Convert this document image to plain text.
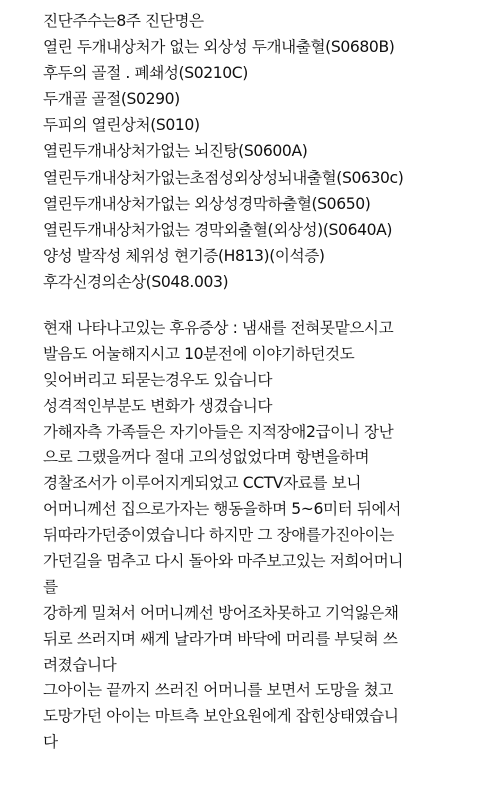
진단주수는8주 진단명은
열린 두개내상처가 없는 외상성 두개내출혈(S0680B)
후두의 골절 . 폐쇄성(S0210C)
두개골 골절(S0290)
두피의 열린상처(S010)
열린두개내상처가없는 뇌진탕(S0600A)
열린두개내상처가없는초점성외상성뇌내출혈(S0630c)
열린두개내상처가없는 외상성경막하출혈(S0650)
열린두개내상처가없는 경막외출혈(외상성)(S0640A)
양성 발작성 체위성 현기증(H813)(이석증)
후각신경의손상(S048.003)
현재 나타나고있는 후유증상 : 냄새를 전혀못맡으시고
발음도 어눌해지시고 10분전에 이야기하던것도
잊어버리고 되묻는경우도 있습니다
성격적인부분도 변화가 생겼습니다
가해자측 가족들은 자기아들은 지적장애2급이니 장난
으로 그랬을꺼다 절대 고의성없었다며 항변을하며
경찰조서가 이루어지게되었고 CCTV자료를 보니
어머니께선 집으로가자는 행동을하며 5~6미터 뒤에서
뒤따라가던중이였습니다 하지만 그 장애를가진아이는
가던길을 멈추고 다시 돌아와 마주보고있는 저희어머니
를
강하게 밀쳐서 어머니께선 방어조차못하고 기억잃은채
뒤로 쓰러지며 쌔게 날라가며 바닥에 머리를 부딪혀 쓰
려졌습니다
그아이는 끝까지 쓰러진 어머니를 보면서 도망을 쳤고
도망가던 아이는 마트측 보안요원에게 잡힌상태였습니
다
